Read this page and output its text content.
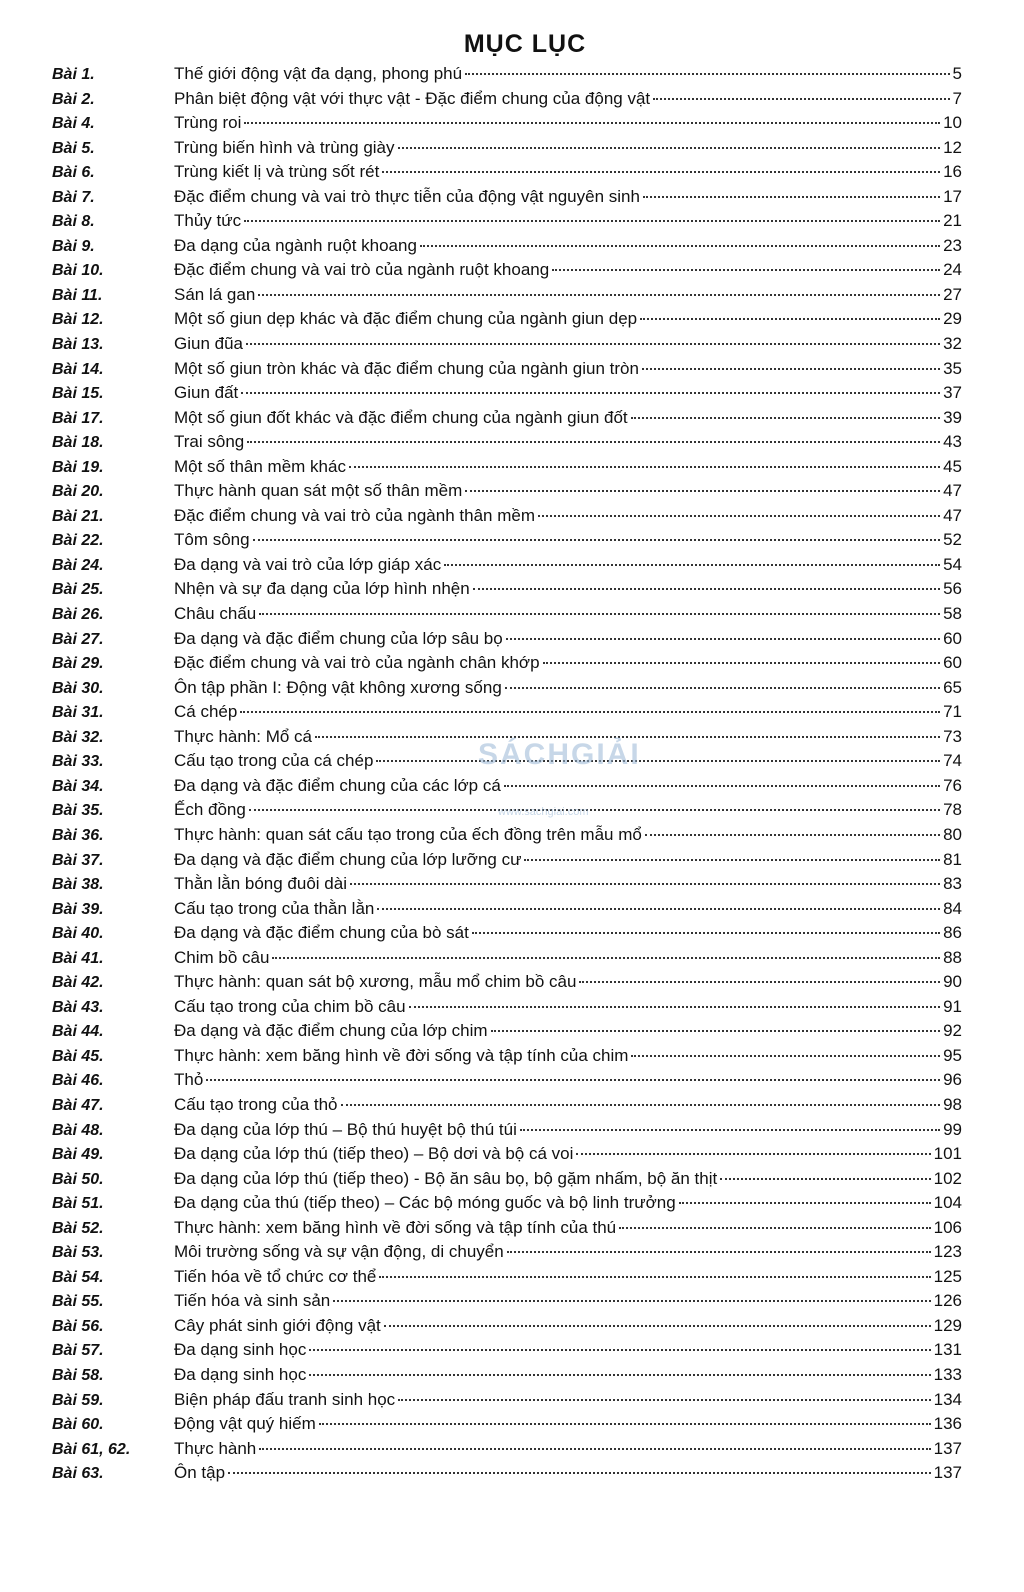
MỤC LỤC
Bài 1.	Thế giới động vật đa dạng, phong phú	5
Bài 2.	Phân biệt động vật với thực vật - Đặc điểm chung của động vật	7
Bài 4.	Trùng roi	10
Bài 5.	Trùng biến hình và trùng giày	12
Bài 6.	Trùng kiết lị và trùng sốt rét	16
Bài 7.	Đặc điểm chung và vai trò thực tiễn của động vật nguyên sinh	17
Bài 8.	Thủy tức	21
Bài 9.	Đa dạng của ngành ruột khoang	23
Bài 10.	Đặc điểm chung và vai trò của ngành ruột khoang	24
Bài 11.	Sán lá gan	27
Bài 12.	Một số giun dẹp khác và đặc điểm chung của ngành giun dẹp	29
Bài 13.	Giun đũa	32
Bài 14.	Một số giun tròn khác và đặc điểm chung của ngành giun tròn	35
Bài 15.	Giun đất	37
Bài 17.	Một số giun đốt khác và đặc điểm chung của ngành giun đốt	39
Bài 18.	Trai sông	43
Bài 19.	Một số thân mềm khác	45
Bài 20.	Thực hành quan sát một số thân mềm	47
Bài 21.	Đặc điểm chung và vai trò của ngành thân mềm	47
Bài 22.	Tôm sông	52
Bài 24.	Đa dạng và vai trò của lớp giáp xác	54
Bài 25.	Nhện và sự đa dạng của lớp hình nhện	56
Bài 26.	Châu chấu	58
Bài 27.	Đa dạng và đặc điểm chung của lớp sâu bọ	60
Bài 29.	Đặc điểm chung và vai trò của ngành chân khớp	60
Bài 30.	Ôn tập phần I: Động vật không xương sống	65
Bài 31.	Cá chép	71
Bài 32.	Thực hành: Mổ cá	73
Bài 33.	Cấu tạo trong của cá chép	74
Bài 34.	Đa dạng và đặc điểm chung của các lớp cá	76
Bài 35.	Ếch đồng	78
Bài 36.	Thực hành: quan sát cấu tạo trong của ếch đồng trên mẫu mổ	80
Bài 37.	Đa dạng và đặc điểm chung của lớp lưỡng cư	81
Bài 38.	Thằn lằn bóng đuôi dài	83
Bài 39.	Cấu tạo trong của thằn lằn	84
Bài 40.	Đa dạng và đặc điểm chung của bò sát	86
Bài 41.	Chim bồ câu	88
Bài 42.	Thực hành: quan sát bộ xương, mẫu mổ chim bồ câu	90
Bài 43.	Cấu tạo trong của chim bồ câu	91
Bài 44.	Đa dạng và đặc điểm chung của lớp chim	92
Bài 45.	Thực hành: xem băng hình về đời sống và tập tính của chim	95
Bài 46.	Thỏ	96
Bài 47.	Cấu tạo trong của thỏ	98
Bài 48.	Đa dạng của lớp thú – Bộ thú huyệt bộ thú túi	99
Bài 49.	Đa dạng của lớp thú (tiếp theo) – Bộ dơi và bộ cá voi	101
Bài 50.	Đa dạng của lớp thú (tiếp theo) - Bộ ăn sâu bọ, bộ gặm nhấm, bộ ăn thịt	102
Bài 51.	Đa dạng của thú (tiếp theo) – Các bộ móng guốc và bộ linh trưởng	104
Bài 52.	Thực hành: xem băng hình về đời sống và tập tính của thú	106
Bài 53.	Môi trường sống và sự vận động, di chuyển	123
Bài 54.	Tiến hóa về tổ chức cơ thể	125
Bài 55.	Tiến hóa và sinh sản	126
Bài 56.	Cây phát sinh giới động vật	129
Bài 57.	Đa dạng sinh học	131
Bài 58.	Đa dạng sinh học	133
Bài 59.	Biện pháp đấu tranh sinh học	134
Bài 60.	Động vật quý hiếm	136
Bài 61, 62.	Thực hành	137
Bài 63.	Ôn tập	137
SÁCHGIẢI
www.sachgiai.com
